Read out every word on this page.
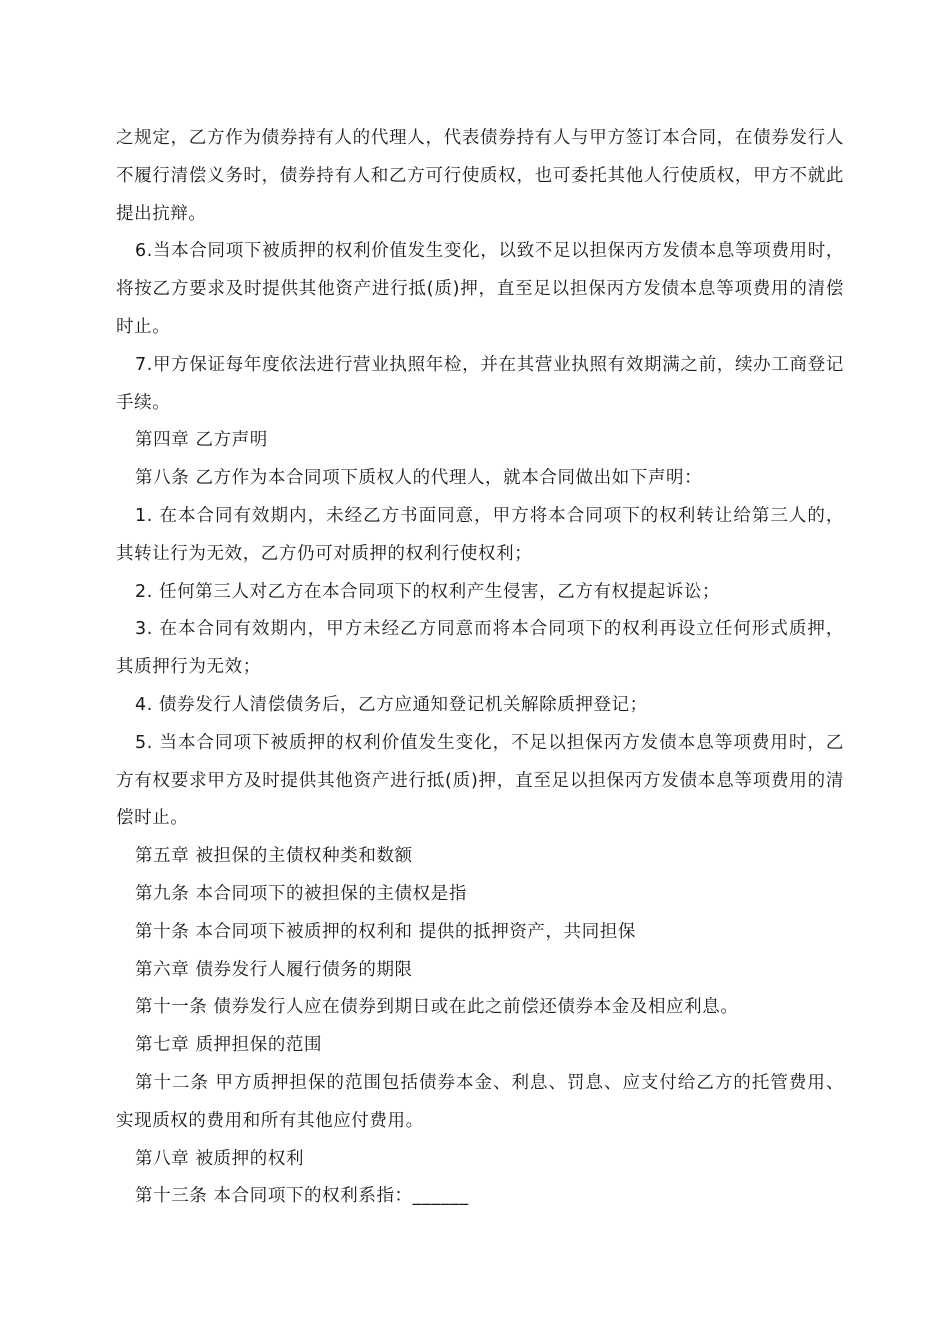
之规定，乙方作为债券持有人的代理人，代表债券持有人与甲方签订本合同，在债券发行人不履行清偿义务时，债券持有人和乙方可行使质权，也可委托其他人行使质权，甲方不就此提出抗辩。

6.当本合同项下被质押的权利价值发生变化，以致不足以担保丙方发债本息等项费用时，将按乙方要求及时提供其他资产进行抵(质)押，直至足以担保丙方发债本息等项费用的清偿时止。

7.甲方保证每年度依法进行营业执照年检，并在其营业执照有效期满之前，续办工商登记手续。

第四章 乙方声明

第八条 乙方作为本合同项下质权人的代理人，就本合同做出如下声明：

1. 在本合同有效期内，未经乙方书面同意，甲方将本合同项下的权利转让给第三人的，其转让行为无效，乙方仍可对质押的权利行使权利；

2. 任何第三人对乙方在本合同项下的权利产生侵害，乙方有权提起诉讼；

3. 在本合同有效期内，甲方未经乙方同意而将本合同项下的权利再设立任何形式质押，其质押行为无效；

4. 债券发行人清偿债务后，乙方应通知登记机关解除质押登记；

5. 当本合同项下被质押的权利价值发生变化，不足以担保丙方发债本息等项费用时，乙方有权要求甲方及时提供其他资产进行抵(质)押，直至足以担保丙方发债本息等项费用的清偿时止。

第五章 被担保的主债权种类和数额

第九条 本合同项下的被担保的主债权是指

第十条 本合同项下被质押的权利和 提供的抵押资产，共同担保

第六章 债券发行人履行债务的期限

第十一条 债券发行人应在债券到期日或在此之前偿还债券本金及相应利息。

第七章 质押担保的范围

第十二条 甲方质押担保的范围包括债券本金、利息、罚息、应支付给乙方的托管费用、实现质权的费用和所有其他应付费用。

第八章 被质押的权利

第十三条 本合同项下的权利系指：______
